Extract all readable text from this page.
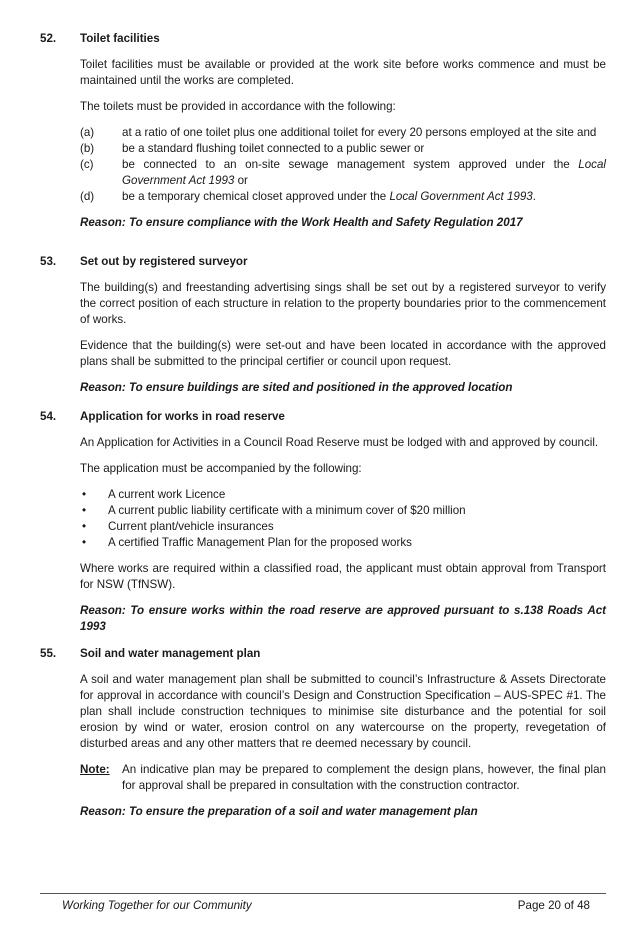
52.	Toilet facilities

Toilet facilities must be available or provided at the work site before works commence and must be maintained until the works are completed.

The toilets must be provided in accordance with the following:

(a)	at a ratio of one toilet plus one additional toilet for every 20 persons employed at the site and
(b)	be a standard flushing toilet connected to a public sewer or
(c)	be connected to an on-site sewage management system approved under the Local Government Act 1993 or
(d)	be a temporary chemical closet approved under the Local Government Act 1993.

Reason: To ensure compliance with the Work Health and Safety Regulation 2017

53.	Set out by registered surveyor

The building(s) and freestanding advertising sings shall be set out by a registered surveyor to verify the correct position of each structure in relation to the property boundaries prior to the commencement of works.

Evidence that the building(s) were set-out and have been located in accordance with the approved plans shall be submitted to the principal certifier or council upon request.

Reason: To ensure buildings are sited and positioned in the approved location

54.	Application for works in road reserve

An Application for Activities in a Council Road Reserve must be lodged with and approved by council.

The application must be accompanied by the following:

•	A current work Licence
•	A current public liability certificate with a minimum cover of $20 million
•	Current plant/vehicle insurances
•	A certified Traffic Management Plan for the proposed works

Where works are required within a classified road, the applicant must obtain approval from Transport for NSW (TfNSW).

Reason: To ensure works within the road reserve are approved pursuant to s.138 Roads Act 1993

55.	Soil and water management plan

A soil and water management plan shall be submitted to council’s Infrastructure & Assets Directorate for approval in accordance with council’s Design and Construction Specification – AUS-SPEC #1. The plan shall include construction techniques to minimise site disturbance and the potential for soil erosion by wind or water, erosion control on any watercourse on the property, revegetation of disturbed areas and any other matters that re deemed necessary by council.

Note:	An indicative plan may be prepared to complement the design plans, however, the final plan for approval shall be prepared in consultation with the construction contractor.

Reason: To ensure the preparation of a soil and water management plan

Working Together for our Community	Page 20 of 48
